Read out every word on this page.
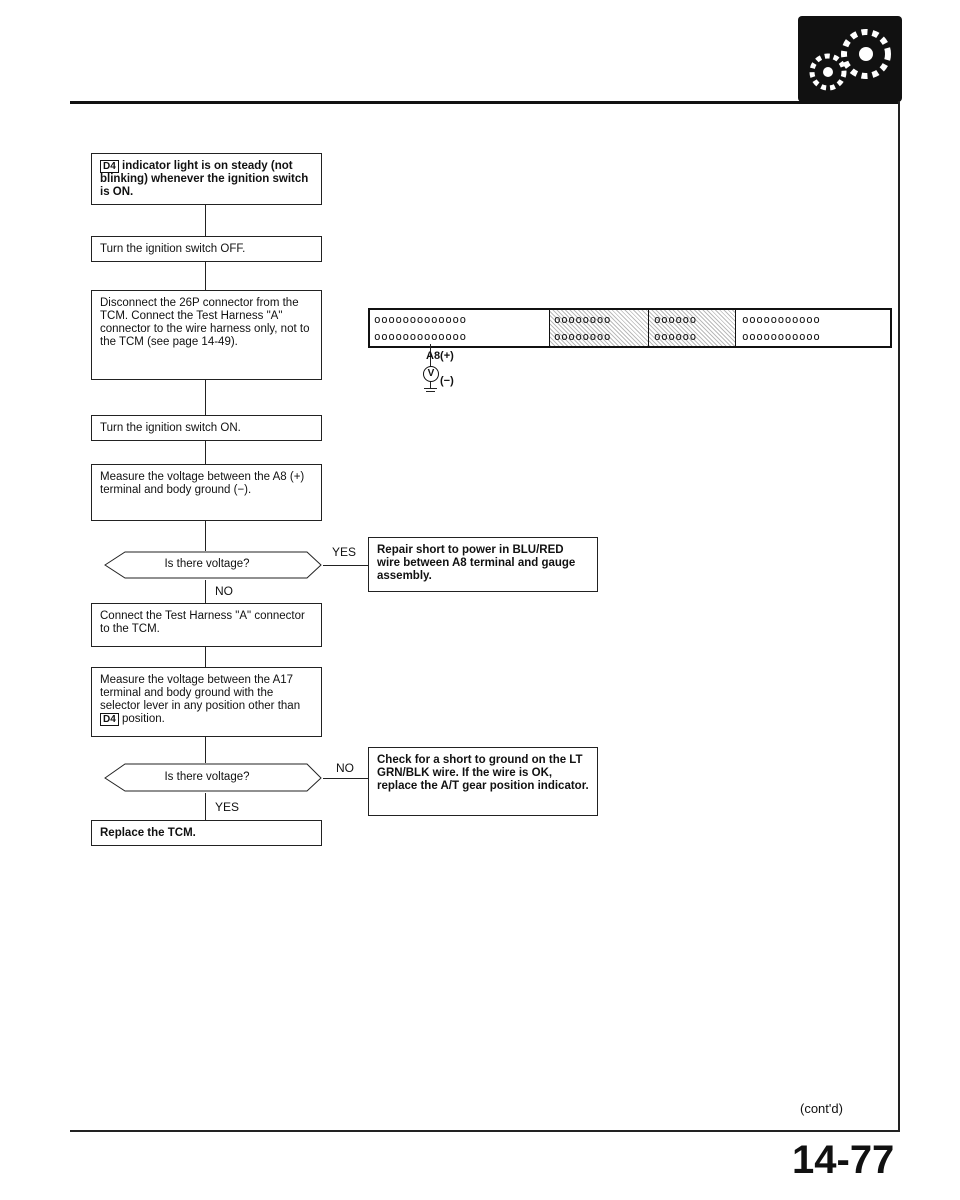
D4 indicator light is on steady (not blinking) whenever the ignition switch is ON.
Turn the ignition switch OFF.
Disconnect the 26P connector from the TCM. Connect the Test Harness "A" connector to the wire harness only, not to the TCM (see page 14-49).
Turn the ignition switch ON.
Measure the voltage between the A8 (+) terminal and body ground (−).
Is there voltage?
YES
NO
Repair short to power in BLU/RED wire between A8 terminal and gauge assembly.
Connect the Test Harness "A" connector to the TCM.
Measure the voltage between the A17 terminal and body ground with the selector lever in any position other than D4 position.
Is there voltage?
NO
YES
Check for a short to ground on the LT GRN/BLK wire. If the wire is OK, replace the A/T gear position indicator.
Replace the TCM.
ooooooooooooo
ooooooooooooo
oooooooo
oooooooo
oooooo
oooooo
ooooooooooo
ooooooooooo
A8(+)
V
(−)
(cont'd)
14-77
